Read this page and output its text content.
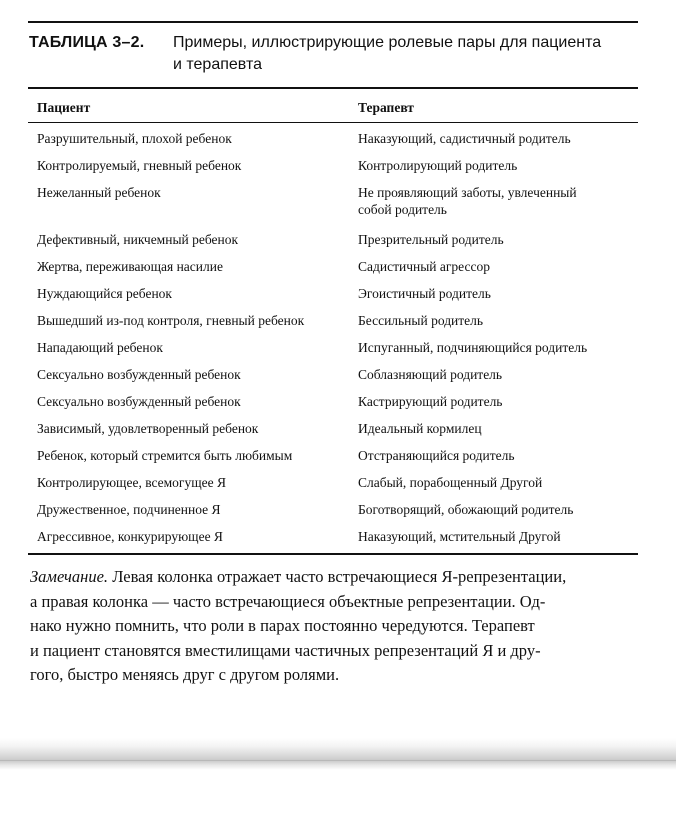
ТАБЛИЦА 3–2. Примеры, иллюстрирующие ролевые пары для пациента
и терапевта
Пациент	Терапевт
Разрушительный, плохой ребенок	Наказующий, садистичный родитель
Контролируемый, гневный ребенок	Контролирующий родитель
Нежеланный ребенок	Не проявляющий заботы, увлеченный
собой родитель
Дефективный, никчемный ребенок	Презрительный родитель
Жертва, переживающая насилие	Садистичный агрессор
Нуждающийся ребенок	Эгоистичный родитель
Вышедший из-под контроля, гневный ребенок	Бессильный родитель
Нападающий ребенок	Испуганный, подчиняющийся родитель
Сексуально возбужденный ребенок	Соблазняющий родитель
Сексуально возбужденный ребенок	Кастрирующий родитель
Зависимый, удовлетворенный ребенок	Идеальный кормилец
Ребенок, который стремится быть любимым	Отстраняющийся родитель
Контролирующее, всемогущее Я	Слабый, порабощенный Другой
Дружественное, подчиненное Я	Боготворящий, обожающий родитель
Агрессивное, конкурирующее Я	Наказующий, мстительный Другой
Замечание. Левая колонка отражает часто встречающиеся Я-репрезентации,
а правая колонка — часто встречающиеся объектные репрезентации. Од-
нако нужно помнить, что роли в парах постоянно чередуются. Терапевт
и пациент становятся вместилищами частичных репрезентаций Я и дру-
гого, быстро меняясь друг с другом ролями.
